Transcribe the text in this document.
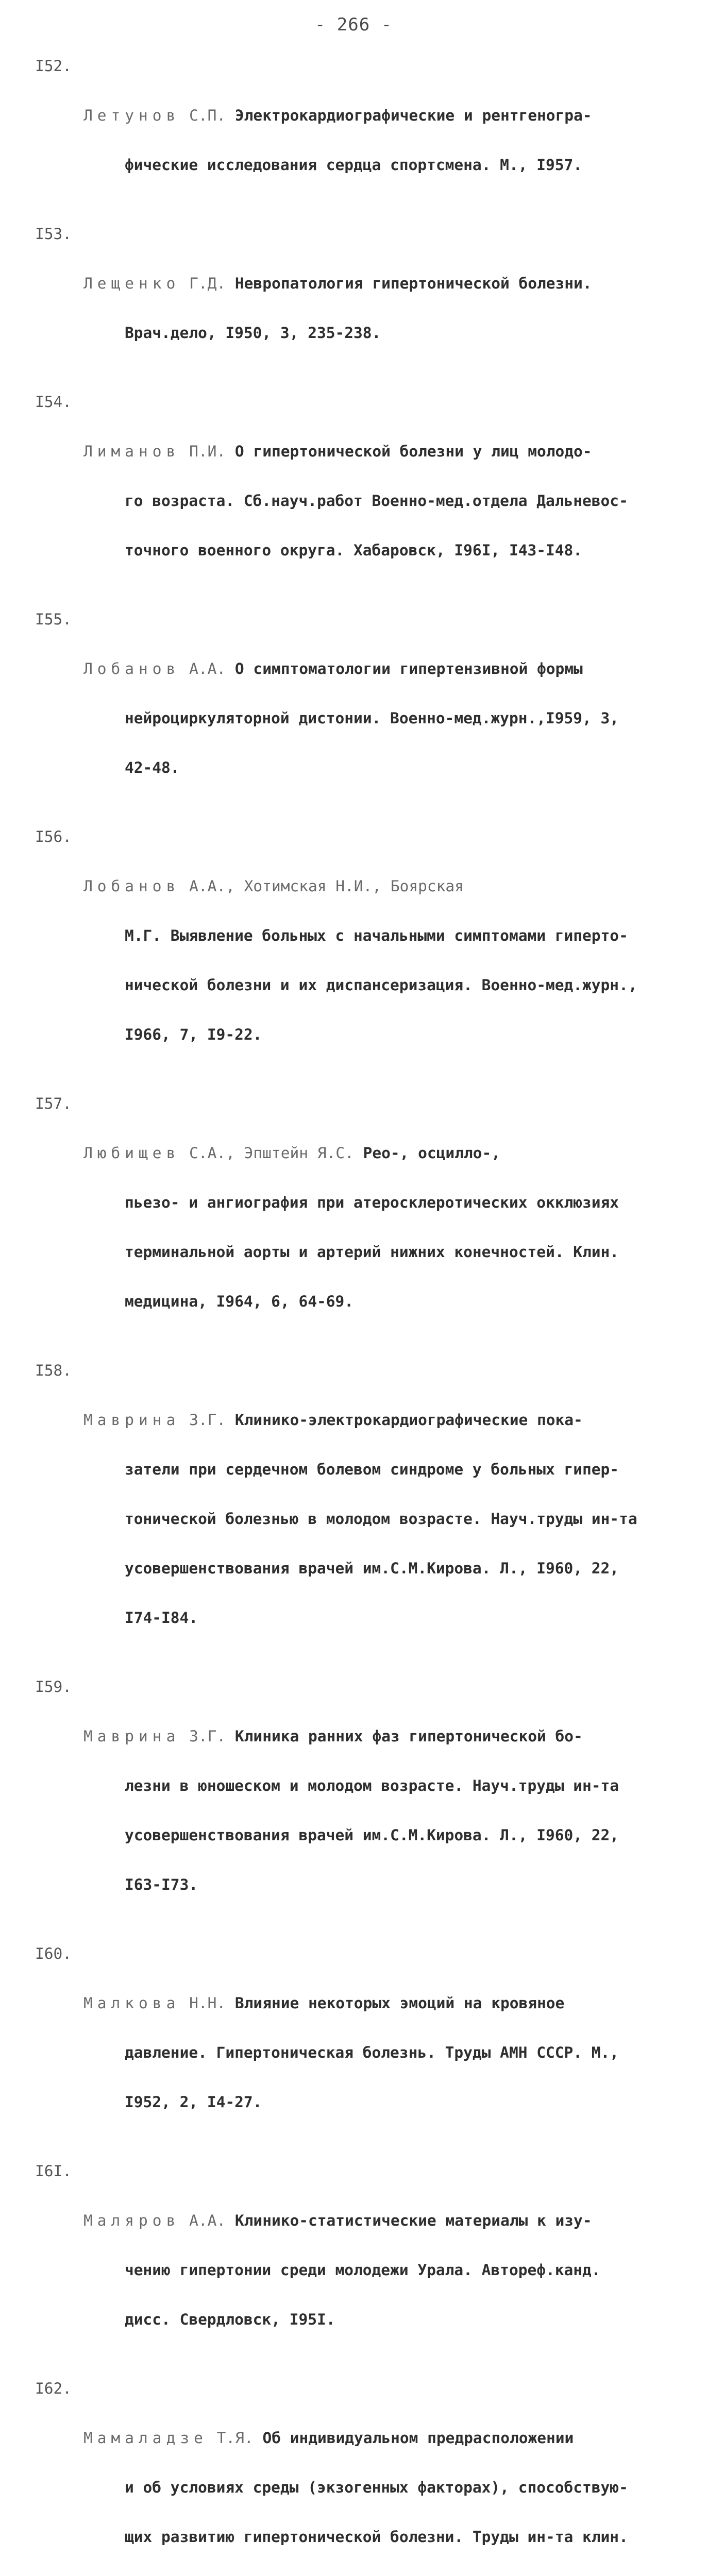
- 266 -

I52.

Летунов С.П. Электрокардиографические и рентгеногра-

фические исследования сердца спортсмена. М., I957.

I53.

Лещенко Г.Д. Невропатология гипертонической болезни.

Врач.дело, I950, 3, 235-238.

I54.

Лиманов П.И. О гипертонической болезни у лиц молодо-

го возраста. Сб.науч.работ Военно-мед.отдела Дальневос-

точного военного округа. Хабаровск, I96I, I43-I48.

I55.

Лобанов А.А. О симптоматологии гипертензивной формы

нейроциркуляторной дистонии. Военно-мед.журн.,I959, 3,

42-48.

I56.

Лобанов А.А., Хотимская Н.И., Боярская

М.Г. Выявление больных с начальными симптомами гиперто-

нической болезни и их диспансеризация. Военно-мед.журн.,

I966, 7, I9-22.

I57.

Любищев С.А., Эпштейн Я.С. Рео-, осцилло-,

пьезо- и ангиография при атеросклеротических окклюзиях

терминальной аорты и артерий нижних конечностей. Клин.

медицина, I964, 6, 64-69.

I58.

Маврина З.Г. Клинико-электрокардиографические пока-

затели при сердечном болевом синдроме у больных гипер-

тонической болезнью в молодом возрасте. Науч.труды ин-та

усовершенствования врачей им.С.М.Кирова. Л., I960, 22,

I74-I84.

I59.

Маврина З.Г. Клиника ранних фаз гипертонической бо-

лезни в юношеском и молодом возрасте. Науч.труды ин-та

усовершенствования врачей им.С.М.Кирова. Л., I960, 22,

I63-I73.

I60.

Малкова Н.Н. Влияние некоторых эмоций на кровяное

давление. Гипертоническая болезнь. Труды АМН СССР. М.,

I952, 2, I4-27.

I6I.

Маляров А.А. Клинико-статистические материалы к изу-

чению гипертонии среди молодежи Урала. Автореф.канд.

дисс. Свердловск, I95I.

I62.

Мамаладзе Т.Я. Об индивидуальном предрасположении

и об условиях среды (экзогенных факторах), способствую-

щих развитию гипертонической болезни. Труды ин-та клин.
